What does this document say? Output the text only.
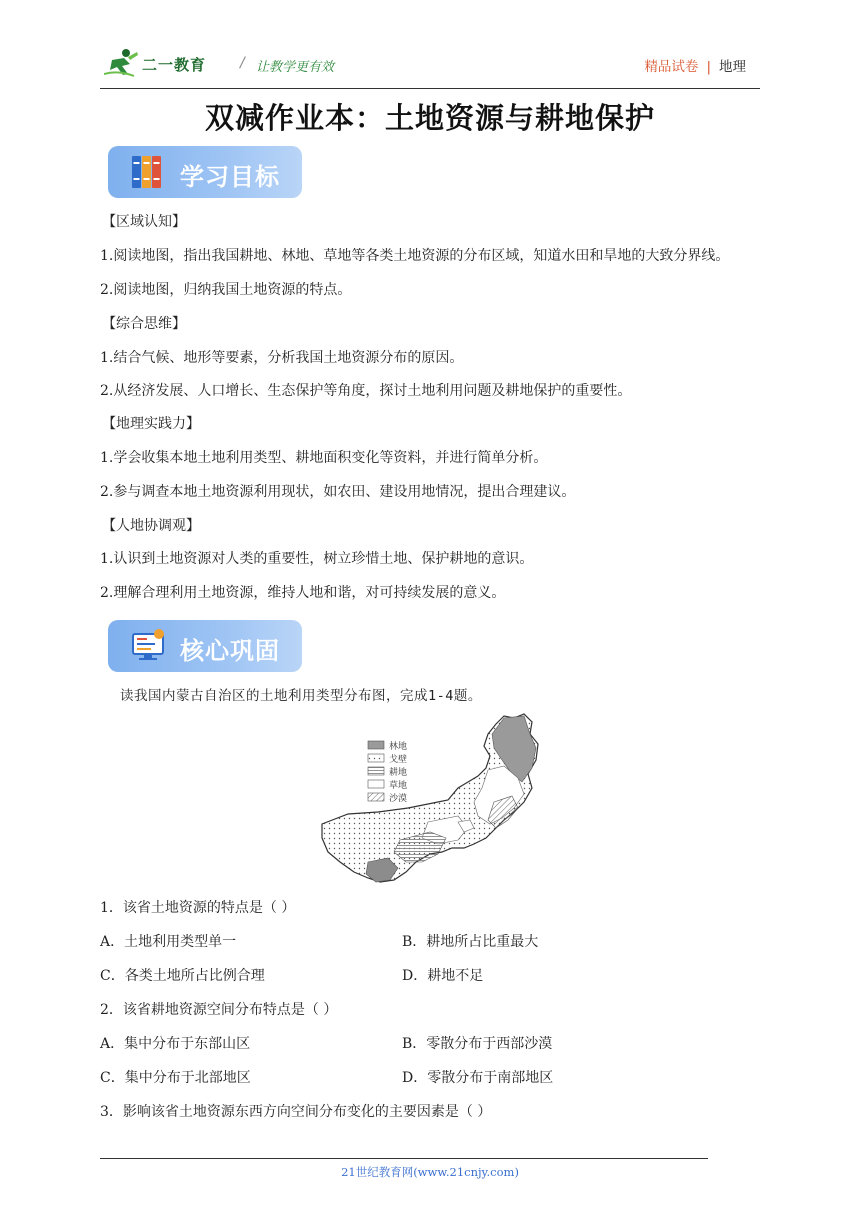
二一教育 / 让教学更有效	精品试卷 | 地理
双减作业本：土地资源与耕地保护
学习目标
【区域认知】
1.阅读地图，指出我国耕地、林地、草地等各类土地资源的分布区域，知道水田和旱地的大致分界线。
2.阅读地图，归纳我国土地资源的特点。
【综合思维】
1.结合气候、地形等要素，分析我国土地资源分布的原因。
2.从经济发展、人口增长、生态保护等角度，探讨土地利用问题及耕地保护的重要性。
【地理实践力】
1.学会收集本地土地利用类型、耕地面积变化等资料，并进行简单分析。
2.参与调查本地土地资源利用现状，如农田、建设用地情况，提出合理建议。
【人地协调观】
1.认识到土地资源对人类的重要性，树立珍惜土地、保护耕地的意识。
2.理解合理利用土地资源，维持人地和谐，对可持续发展的意义。
核心巩固
读我国内蒙古自治区的土地利用类型分布图，完成1-4题。
林地
戈壁
耕地
草地
沙漠
1．该省土地资源的特点是（ ）
A．土地利用类型单一	B．耕地所占比重最大
C．各类土地所占比例合理	D．耕地不足
2．该省耕地资源空间分布特点是（ ）
A．集中分布于东部山区	B．零散分布于西部沙漠
C．集中分布于北部地区	D．零散分布于南部地区
3．影响该省土地资源东西方向空间分布变化的主要因素是（ ）
21世纪教育网(www.21cnjy.com)
